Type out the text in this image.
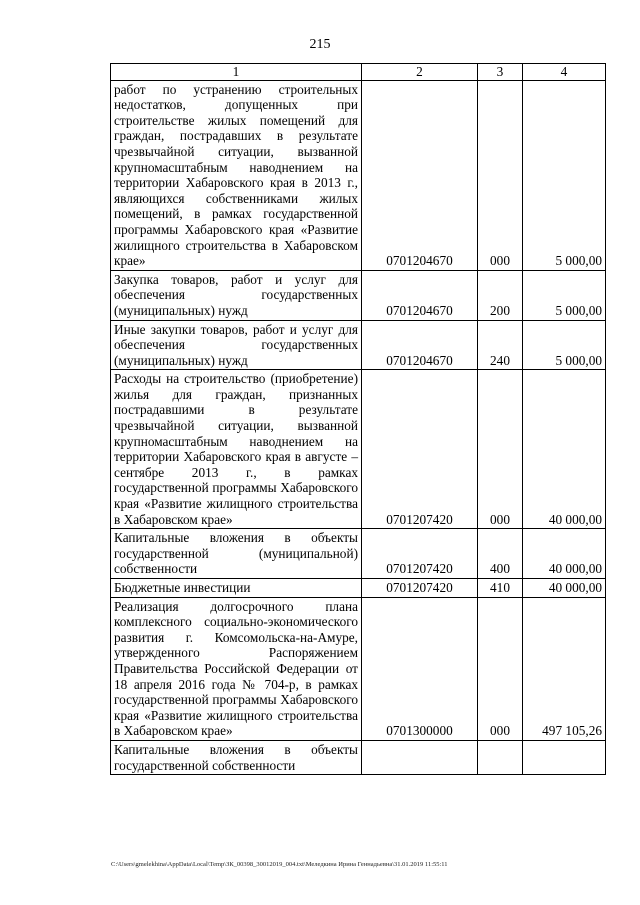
215
1	2	3	4
работ по устранению строительных недостатков, допущенных при строительстве жилых помещений для граждан, пострадавших в результате чрезвычайной ситуации, вызванной крупномасштабным наводнением на территории Хабаровского края в 2013 г., являющихся собственниками жилых помещений, в рамках государственной программы Хабаровского края «Развитие жилищного строительства в Хабаровском крае»	0701204670	000	5 000,00
Закупка товаров, работ и услуг для обеспечения государственных (муниципальных) нужд	0701204670	200	5 000,00
Иные закупки товаров, работ и услуг для обеспечения государственных (муниципальных) нужд	0701204670	240	5 000,00
Расходы на строительство (приобретение) жилья для граждан, признанных пострадавшими в результате чрезвычайной ситуации, вызванной крупномасштабным наводнением на территории Хабаровского края в августе – сентябре 2013 г., в рамках государственной программы Хабаровского края «Развитие жилищного строительства в Хабаровском крае»	0701207420	000	40 000,00
Капитальные вложения в объекты государственной (муниципальной) собственности	0701207420	400	40 000,00
Бюджетные инвестиции	0701207420	410	40 000,00
Реализация долгосрочного плана комплексного социально-экономического развития г. Комсомольска-на-Амуре, утвержденного Распоряжением Правительства Российской Федерации от 18 апреля 2016 года № 704-р, в рамках государственной программы Хабаровского края «Развитие жилищного строительства в Хабаровском крае»	0701300000	000	497 105,26
Капитальные вложения в объекты государственной собственности			
C:\Users\gmelekhina\AppData\Local\Temp\ЗК_00398_30012019_004.txt\Меледкина Ирина Геннадьевна\31.01.2019 11:55:11
